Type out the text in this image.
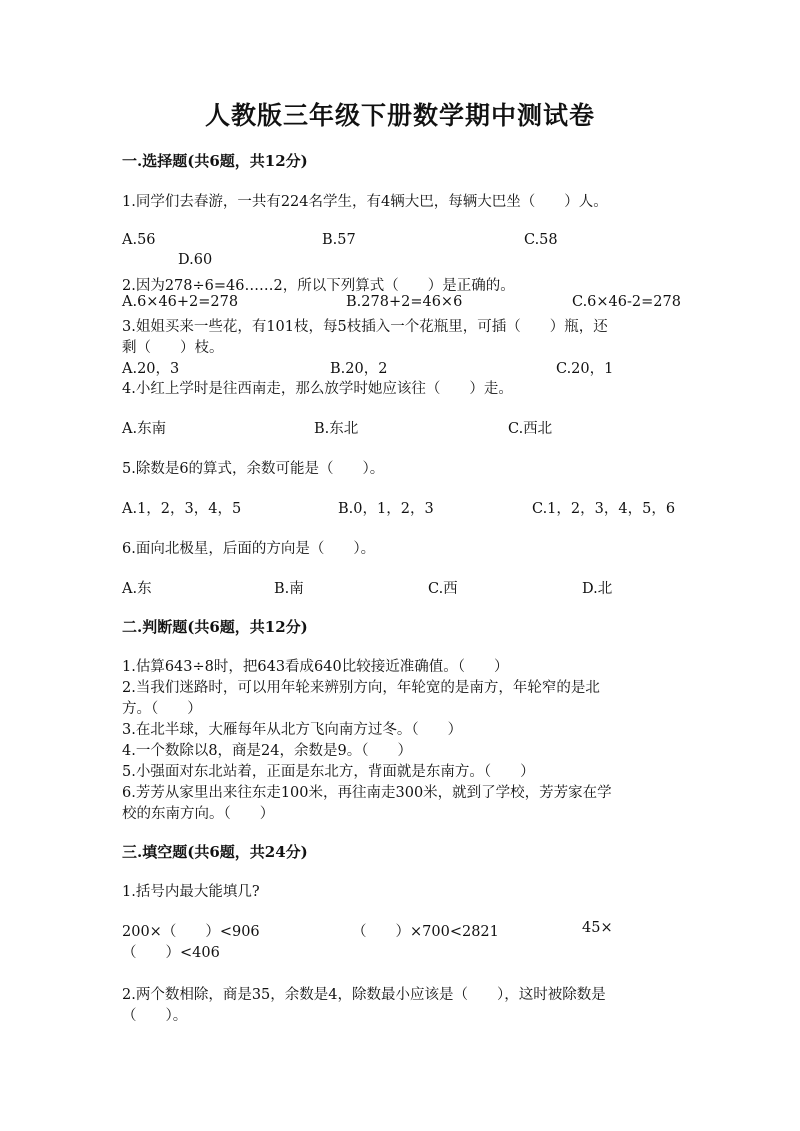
人教版三年级下册数学期中测试卷
一.选择题(共6题，共12分)
1.同学们去春游，一共有224名学生，有4辆大巴，每辆大巴坐（　　）人。
A.56	B.57	C.58
D.60
2.因为278÷6=46……2，所以下列算式（　　）是正确的。
A.6×46+2=278	B.278+2=46×6	C.6×46-2=278
3.姐姐买来一些花，有101枝，每5枝插入一个花瓶里，可插（　　）瓶，还
剩（　　）枝。
A.20，3	B.20，2	C.20，1
4.小红上学时是往西南走，那么放学时她应该往（　　）走。
A.东南	B.东北	C.西北
5.除数是6的算式，余数可能是（　　）。
A.1，2，3，4，5	B.0，1，2，3	C.1，2，3，4，5，6
6.面向北极星，后面的方向是（　　）。
A.东	B.南	C.西	D.北
二.判断题(共6题，共12分)
1.估算643÷8时，把643看成640比较接近准确值。（　　）
2.当我们迷路时，可以用年轮来辨别方向，年轮宽的是南方，年轮窄的是北
方。（　　）
3.在北半球，大雁每年从北方飞向南方过冬。（　　）
4.一个数除以8，商是24，余数是9。（　　）
5.小强面对东北站着，正面是东北方，背面就是东南方。（　　）
6.芳芳从家里出来往东走100米，再往南走300米，就到了学校，芳芳家在学
校的东南方向。（　　）
三.填空题(共6题，共24分)
1.括号内最大能填几?
200×（　　）<906	（　　）×700<2821	45×
（　　）<406
2.两个数相除，商是35，余数是4，除数最小应该是（　　），这时被除数是
（　　）。
